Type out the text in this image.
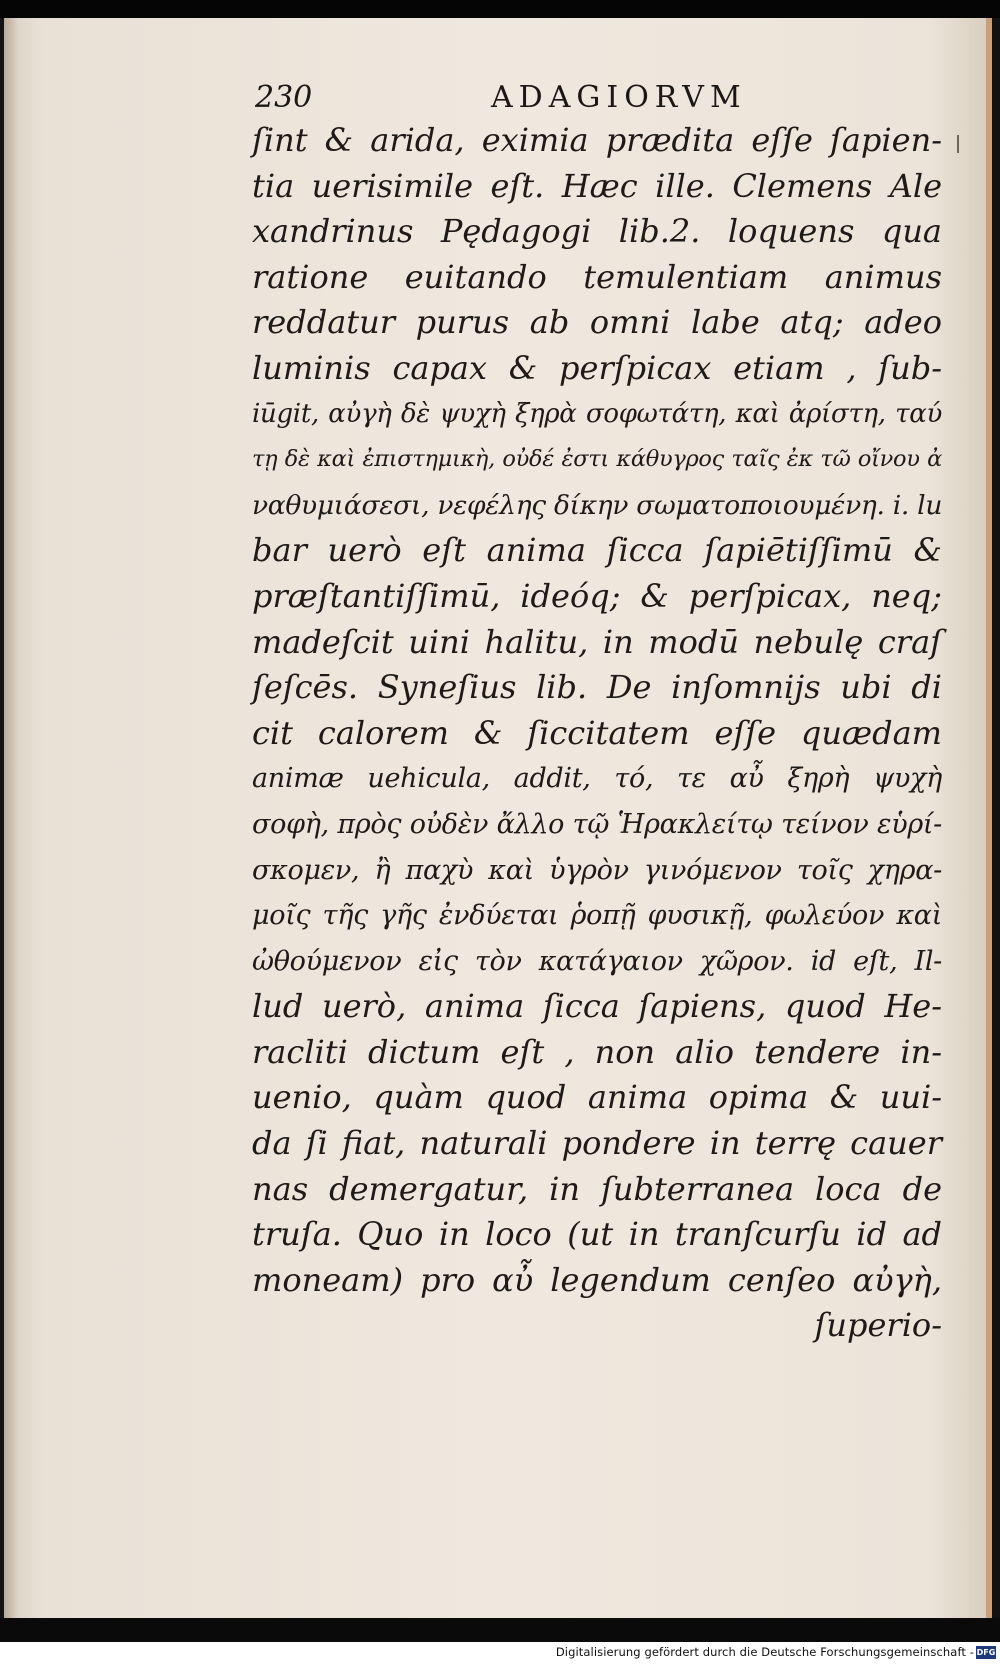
230	ADAGIORVM
ſint & arida, eximia prædita eſſe ſapien-
tia uerisimile eſt. Hæc ille. Clemens Ale
xandrinus Pędagogi lib.2. loquens qua
ratione euitando temulentiam animus
reddatur purus ab omni labe atq; adeo
luminis capax & perſpicax etiam , ſub-
iūgit, αὐγὴ δὲ ψυχὴ ξηρὰ σοφωτάτη, καὶ ἀρίστη, ταύ
τῃ δὲ καὶ ἐπιστημικὴ, οὐδέ ἐστι κάθυγρος ταῖς ἐκ τῶ οἴνου ἀ
ναθυμιάσεσι, νεφέλης δίκην σωματοποιουμένη. i. lu
bar uerò eſt anima ſicca ſapiētiſſimū &
præſtantiſſimū, ideóq; & perſpicax, neq;
madeſcit uini halitu, in modū nebulę craſ
ſeſcēs. Syneſius lib. De inſomnijs ubi di
cit calorem & ſiccitatem eſſe quædam
animæ uehicula, addit, τό, τε αὖ ξηρὴ ψυχὴ
σοφὴ, πρὸς οὐδὲν ἄλλο τῷ Ἡρακλείτῳ τείνον εὑρί-
σκομεν, ἢ παχὺ καὶ ὑγρὸν γινόμενον τοῖς χηρα-
μοῖς τῆς γῆς ἐνδύεται ῥοπῇ φυσικῇ, φωλεύον καὶ
ὠθούμενον εἰς τὸν κατάγαιον χῶρον. id eſt, Il-
lud uerò, anima ſicca ſapiens, quod He-
racliti dictum eſt , non alio tendere in-
uenio, quàm quod anima opima & uui-
da ſi fiat, naturali pondere in terrę cauer
nas demergatur, in ſubterranea loca de
truſa. Quo in loco (ut in tranſcurſu id ad
moneam) pro αὖ legendum cenſeo αὐγὴ,
ſuperio-
Digitalisierung gefördert durch die Deutsche Forschungsgemeinschaft - DFG
